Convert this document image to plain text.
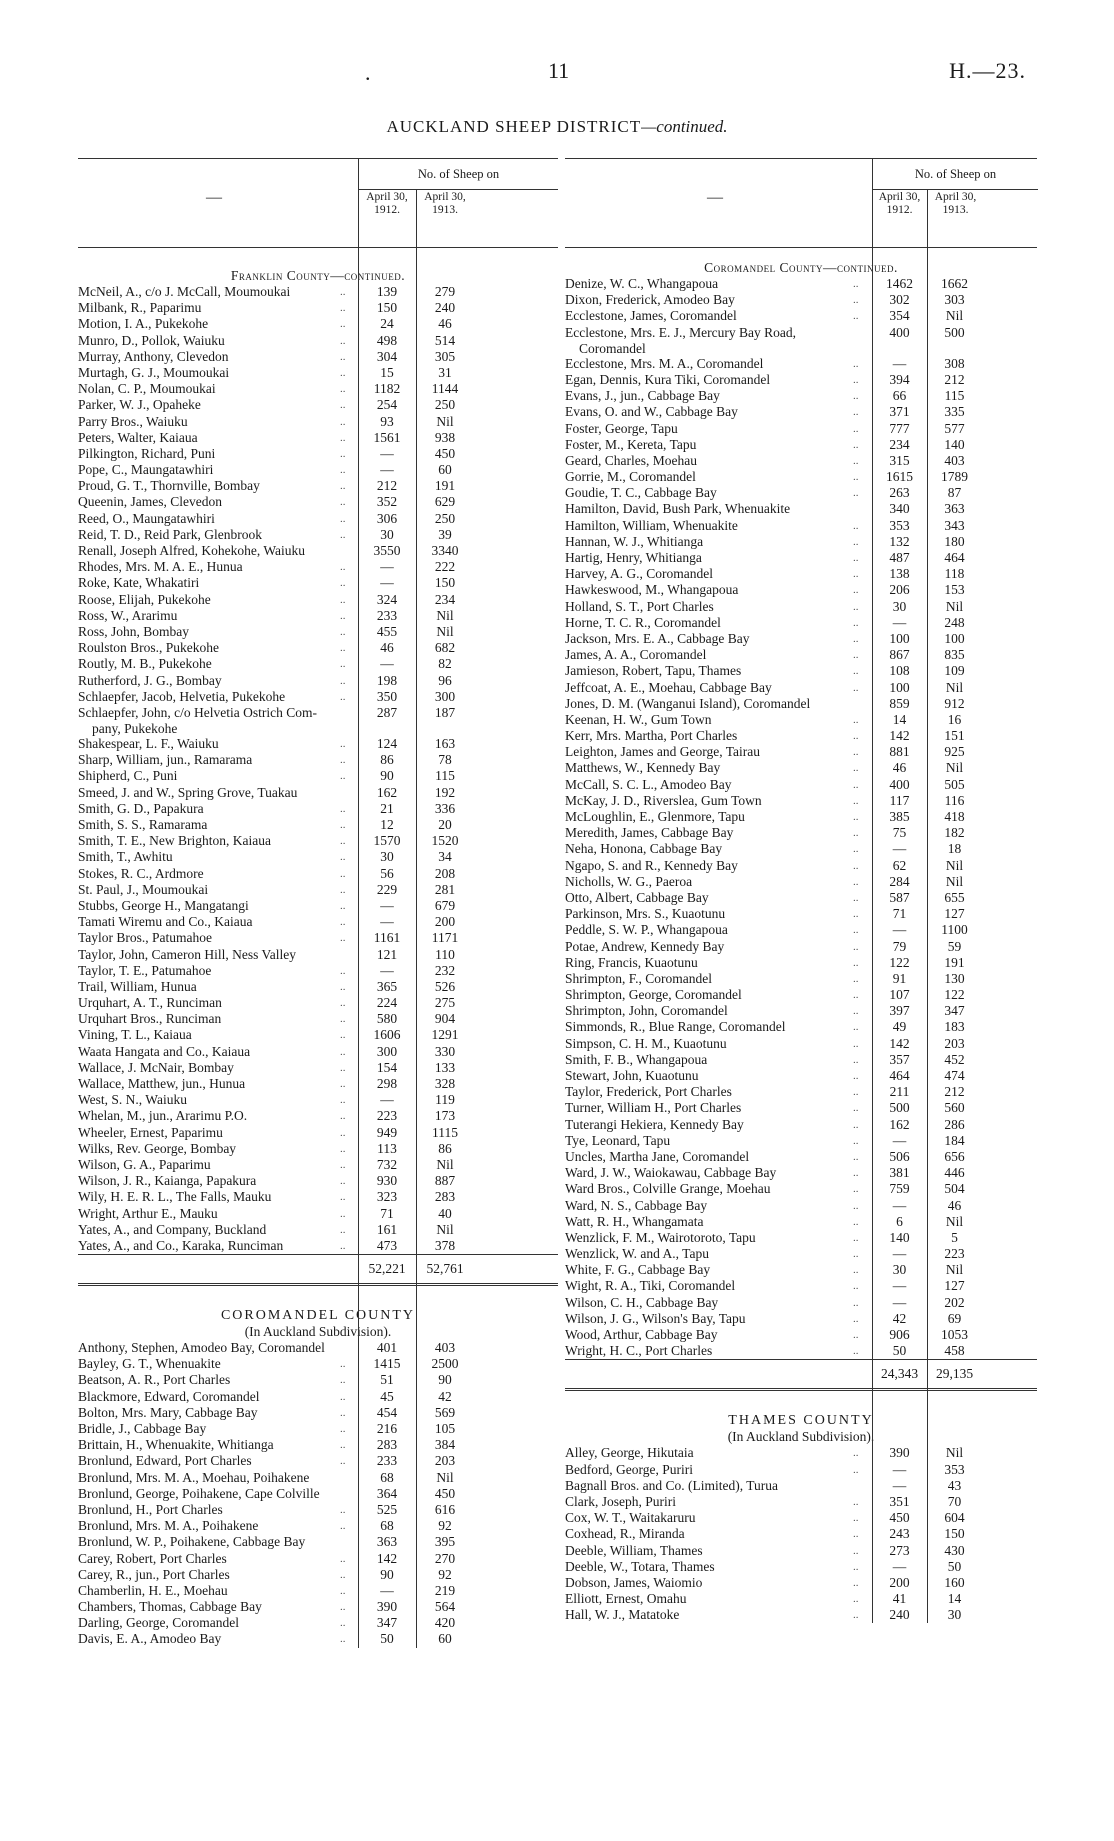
.	11	H.—23.
AUCKLAND SHEEP DISTRICT—continued.
—
No. of Sheep on
April 30, 1912.
April 30, 1913.
Franklin County—continued.
McNeil, A., c/o J. McCall, Moumoukai	..	139	279
Milbank, R., Paparimu	..	150	240
Motion, I. A., Pukekohe	..	24	46
Munro, D., Pollok, Waiuku	..	498	514
Murray, Anthony, Clevedon	..	304	305
Murtagh, G. J., Moumoukai	..	15	31
Nolan, C. P., Moumoukai	..	1182	1144
Parker, W. J., Opaheke	..	254	250
Parry Bros., Waiuku	..	93	Nil
Peters, Walter, Kaiaua	..	1561	938
Pilkington, Richard, Puni	..	—	450
Pope, C., Maungatawhiri	..	—	60
Proud, G. T., Thornville, Bombay	..	212	191
Queenin, James, Clevedon	..	352	629
Reed, O., Maungatawhiri	..	306	250
Reid, T. D., Reid Park, Glenbrook	..	30	39
Renall, Joseph Alfred, Kohekohe, Waiuku	3550	3340
Rhodes, Mrs. M. A. E., Hunua	..	—	222
Roke, Kate, Whakatiri	..	—	150
Roose, Elijah, Pukekohe	..	324	234
Ross, W., Ararimu	..	233	Nil
Ross, John, Bombay	..	455	Nil
Roulston Bros., Pukekohe	..	46	682
Routly, M. B., Pukekohe	..	—	82
Rutherford, J. G., Bombay	..	198	96
Schlaepfer, Jacob, Helvetia, Pukekohe	..	350	300
Schlaepfer, John, c/o Helvetia Ostrich Com-	287	187
pany, Pukekohe
Shakespear, L. F., Waiuku	..	124	163
Sharp, William, jun., Ramarama	..	86	78
Shipherd, C., Puni	..	90	115
Smeed, J. and W., Spring Grove, Tuakau	162	192
Smith, G. D., Papakura	..	21	336
Smith, S. S., Ramarama	..	12	20
Smith, T. E., New Brighton, Kaiaua	..	1570	1520
Smith, T., Awhitu	..	30	34
Stokes, R. C., Ardmore	..	56	208
St. Paul, J., Moumoukai	..	229	281
Stubbs, George H., Mangatangi	..	—	679
Tamati Wiremu and Co., Kaiaua	..	—	200
Taylor Bros., Patumahoe	..	1161	1171
Taylor, John, Cameron Hill, Ness Valley	121	110
Taylor, T. E., Patumahoe	..	—	232
Trail, William, Hunua	..	365	526
Urquhart, A. T., Runciman	..	224	275
Urquhart Bros., Runciman	..	580	904
Vining, T. L., Kaiaua	..	1606	1291
Waata Hangata and Co., Kaiaua	..	300	330
Wallace, J. McNair, Bombay	..	154	133
Wallace, Matthew, jun., Hunua	..	298	328
West, S. N., Waiuku	..	—	119
Whelan, M., jun., Ararimu P.O.	..	223	173
Wheeler, Ernest, Paparimu	..	949	1115
Wilks, Rev. George, Bombay	..	113	86
Wilson, G. A., Paparimu	..	732	Nil
Wilson, J. R., Kaianga, Papakura	..	930	887
Wily, H. E. R. L., The Falls, Mauku	..	323	283
Wright, Arthur E., Mauku	..	71	40
Yates, A., and Company, Buckland	..	161	Nil
Yates, A., and Co., Karaka, Runciman	..	473	378
52,221	52,761
COROMANDEL COUNTY
(In Auckland Subdivision).
Anthony, Stephen, Amodeo Bay, Coromandel	401	403
Bayley, G. T., Whenuakite	..	1415	2500
Beatson, A. R., Port Charles	..	51	90
Blackmore, Edward, Coromandel	..	45	42
Bolton, Mrs. Mary, Cabbage Bay	..	454	569
Bridle, J., Cabbage Bay	..	216	105
Brittain, H., Whenuakite, Whitianga	..	283	384
Bronlund, Edward, Port Charles	..	233	203
Bronlund, Mrs. M. A., Moehau, Poihakene	68	Nil
Bronlund, George, Poihakene, Cape Colville	364	450
Bronlund, H., Port Charles	..	525	616
Bronlund, Mrs. M. A., Poihakene	..	68	92
Bronlund, W. P., Poihakene, Cabbage Bay	363	395
Carey, Robert, Port Charles	..	142	270
Carey, R., jun., Port Charles	..	90	92
Chamberlin, H. E., Moehau	..	—	219
Chambers, Thomas, Cabbage Bay	..	390	564
Darling, George, Coromandel	..	347	420
Davis, E. A., Amodeo Bay	..	50	60
—
No. of Sheep on
April 30, 1912.
April 30, 1913.
Coromandel County—continued.
Denize, W. C., Whangapoua	..	1462	1662
Dixon, Frederick, Amodeo Bay	..	302	303
Ecclestone, James, Coromandel	..	354	Nil
Ecclestone, Mrs. E. J., Mercury Bay Road,	400	500
Coromandel
Ecclestone, Mrs. M. A., Coromandel	..	—	308
Egan, Dennis, Kura Tiki, Coromandel	..	394	212
Evans, J., jun., Cabbage Bay	..	66	115
Evans, O. and W., Cabbage Bay	..	371	335
Foster, George, Tapu	..	777	577
Foster, M., Kereta, Tapu	..	234	140
Geard, Charles, Moehau	..	315	403
Gorrie, M., Coromandel	..	1615	1789
Goudie, T. C., Cabbage Bay	..	263	87
Hamilton, David, Bush Park, Whenuakite	340	363
Hamilton, William, Whenuakite	..	353	343
Hannan, W. J., Whitianga	..	132	180
Hartig, Henry, Whitianga	..	487	464
Harvey, A. G., Coromandel	..	138	118
Hawkeswood, M., Whangapoua	..	206	153
Holland, S. T., Port Charles	..	30	Nil
Horne, T. C. R., Coromandel	..	—	248
Jackson, Mrs. E. A., Cabbage Bay	..	100	100
James, A. A., Coromandel	..	867	835
Jamieson, Robert, Tapu, Thames	..	108	109
Jeffcoat, A. E., Moehau, Cabbage Bay	..	100	Nil
Jones, D. M. (Wanganui Island), Coromandel	859	912
Keenan, H. W., Gum Town	..	14	16
Kerr, Mrs. Martha, Port Charles	..	142	151
Leighton, James and George, Tairau	..	881	925
Matthews, W., Kennedy Bay	..	46	Nil
McCall, S. C. L., Amodeo Bay	..	400	505
McKay, J. D., Riverslea, Gum Town	..	117	116
McLoughlin, E., Glenmore, Tapu	..	385	418
Meredith, James, Cabbage Bay	..	75	182
Neha, Honona, Cabbage Bay	..	—	18
Ngapo, S. and R., Kennedy Bay	..	62	Nil
Nicholls, W. G., Paeroa	..	284	Nil
Otto, Albert, Cabbage Bay	..	587	655
Parkinson, Mrs. S., Kuaotunu	..	71	127
Peddle, S. W. P., Whangapoua	..	—	1100
Potae, Andrew, Kennedy Bay	..	79	59
Ring, Francis, Kuaotunu	..	122	191
Shrimpton, F., Coromandel	..	91	130
Shrimpton, George, Coromandel	..	107	122
Shrimpton, John, Coromandel	..	397	347
Simmonds, R., Blue Range, Coromandel	..	49	183
Simpson, C. H. M., Kuaotunu	..	142	203
Smith, F. B., Whangapoua	..	357	452
Stewart, John, Kuaotunu	..	464	474
Taylor, Frederick, Port Charles	..	211	212
Turner, William H., Port Charles	..	500	560
Tuterangi Hekiera, Kennedy Bay	..	162	286
Tye, Leonard, Tapu	..	—	184
Uncles, Martha Jane, Coromandel	..	506	656
Ward, J. W., Waiokawau, Cabbage Bay	..	381	446
Ward Bros., Colville Grange, Moehau	..	759	504
Ward, N. S., Cabbage Bay	..	—	46
Watt, R. H., Whangamata	..	6	Nil
Wenzlick, F. M., Wairotoroto, Tapu	..	140	5
Wenzlick, W. and A., Tapu	..	—	223
White, F. G., Cabbage Bay	..	30	Nil
Wight, R. A., Tiki, Coromandel	..	—	127
Wilson, C. H., Cabbage Bay	..	—	202
Wilson, J. G., Wilson's Bay, Tapu	..	42	69
Wood, Arthur, Cabbage Bay	..	906	1053
Wright, H. C., Port Charles	..	50	458
24,343	29,135
THAMES COUNTY
(In Auckland Subdivision).
Alley, George, Hikutaia	..	390	Nil
Bedford, George, Puriri	..	—	353
Bagnall Bros. and Co. (Limited), Turua	—	43
Clark, Joseph, Puriri	..	351	70
Cox, W. T., Waitakaruru	..	450	604
Coxhead, R., Miranda	..	243	150
Deeble, William, Thames	..	273	430
Deeble, W., Totara, Thames	..	—	50
Dobson, James, Waiomio	..	200	160
Elliott, Ernest, Omahu	..	41	14
Hall, W. J., Matatoke	..	240	30
